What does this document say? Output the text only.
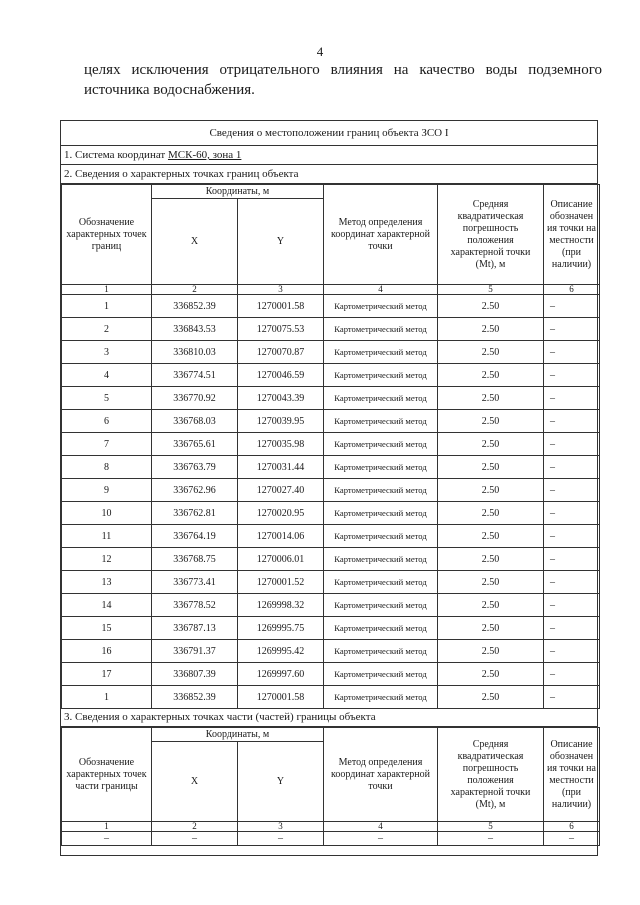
4
целях исключения отрицательного влияния на качество воды подземного
источника водоснабжения.
Сведения о местоположении границ объекта ЗСО I
1. Система координат МСК-60, зона 1
2. Сведения о характерных точках границ объекта
Обозначение характерных точек границ	Координаты, м		Метод определения координат характерной точки	Средняя квадратическая погрешность положения характерной точки (Mt), м	Описание обозначен ия точки на местности (при наличии)
	X	Y			
1	2	3	4	5	6
1	336852.39	1270001.58	Картометрический метод	2.50	–
2	336843.53	1270075.53	Картометрический метод	2.50	–
3	336810.03	1270070.87	Картометрический метод	2.50	–
4	336774.51	1270046.59	Картометрический метод	2.50	–
5	336770.92	1270043.39	Картометрический метод	2.50	–
6	336768.03	1270039.95	Картометрический метод	2.50	–
7	336765.61	1270035.98	Картометрический метод	2.50	–
8	336763.79	1270031.44	Картометрический метод	2.50	–
9	336762.96	1270027.40	Картометрический метод	2.50	–
10	336762.81	1270020.95	Картометрический метод	2.50	–
11	336764.19	1270014.06	Картометрический метод	2.50	–
12	336768.75	1270006.01	Картометрический метод	2.50	–
13	336773.41	1270001.52	Картометрический метод	2.50	–
14	336778.52	1269998.32	Картометрический метод	2.50	–
15	336787.13	1269995.75	Картометрический метод	2.50	–
16	336791.37	1269995.42	Картометрический метод	2.50	–
17	336807.39	1269997.60	Картометрический метод	2.50	–
1	336852.39	1270001.58	Картометрический метод	2.50	–
3. Сведения о характерных точках части (частей) границы объекта
Обозначение характерных точек части границы	Координаты, м		Метод определения координат характерной точки	Средняя квадратическая погрешность положения характерной точки (Mt), м	Описание обозначен ия точки на местности (при наличии)
	X	Y			
1	2	3	4	5	6
–	–	–	–	–	–
